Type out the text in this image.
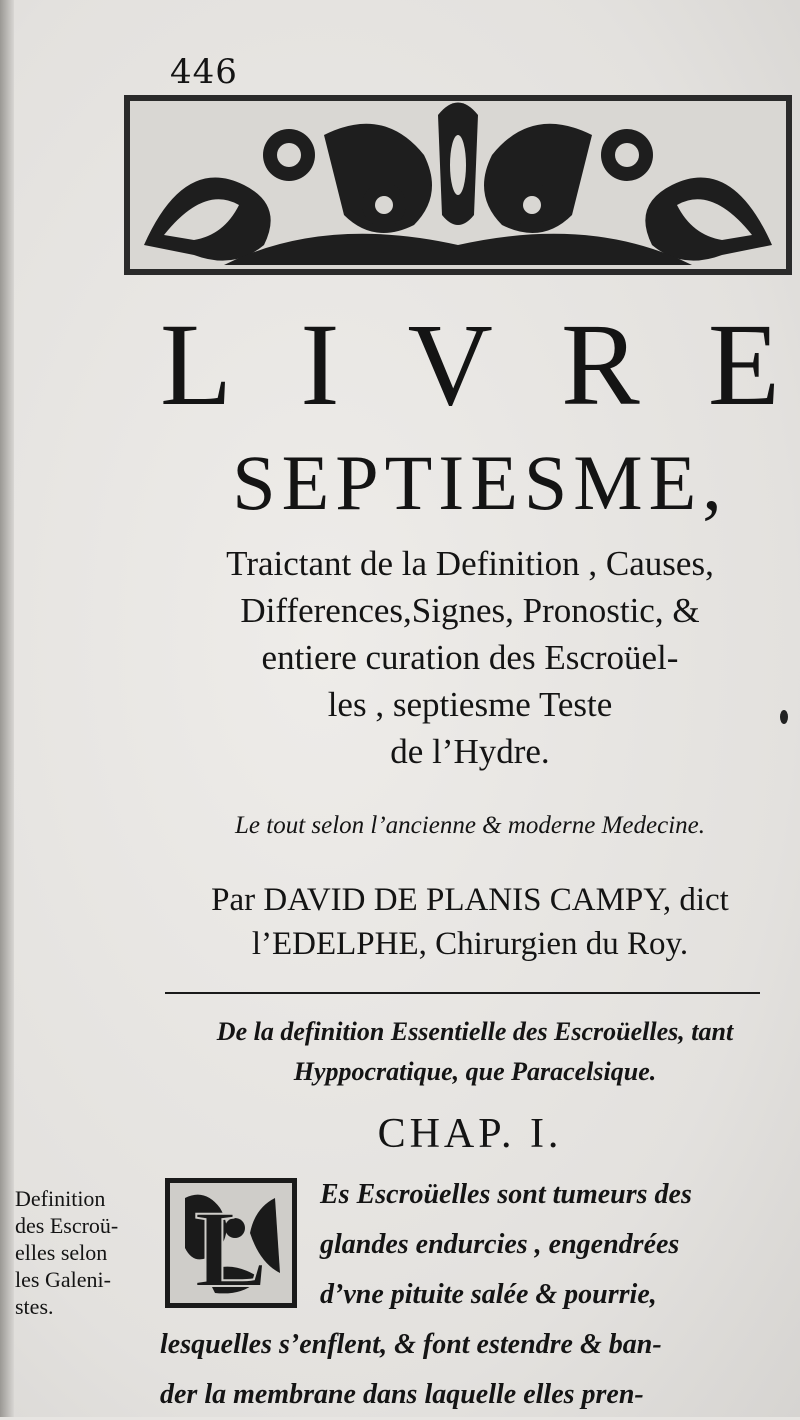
446
L I V R E
SEPTIESME,
Traictant de la Definition , Causes,
Differences,Signes, Pronostic, &
entiere curation des Escroüel-
les , septiesme Teste
de l’Hydre.
Le tout selon l’ancienne & moderne Medecine.
Par DAVID DE PLANIS CAMPY, dict
l’EDELPHE, Chirurgien du Roy.
De la definition Essentielle des Escroüelles, tant
Hyppocratique, que Paracelsique.
CHAP. I.
Definition
des Escroü-
elles selon
les Galeni-
stes.	L	Es Escroüelles sont tumeurs des
glandes endurcies , engendrées
d’vne pituite salée & pourrie,
lesquelles s’enflent, & font estendre & ban-
der la membrane dans laquelle elles pren-
